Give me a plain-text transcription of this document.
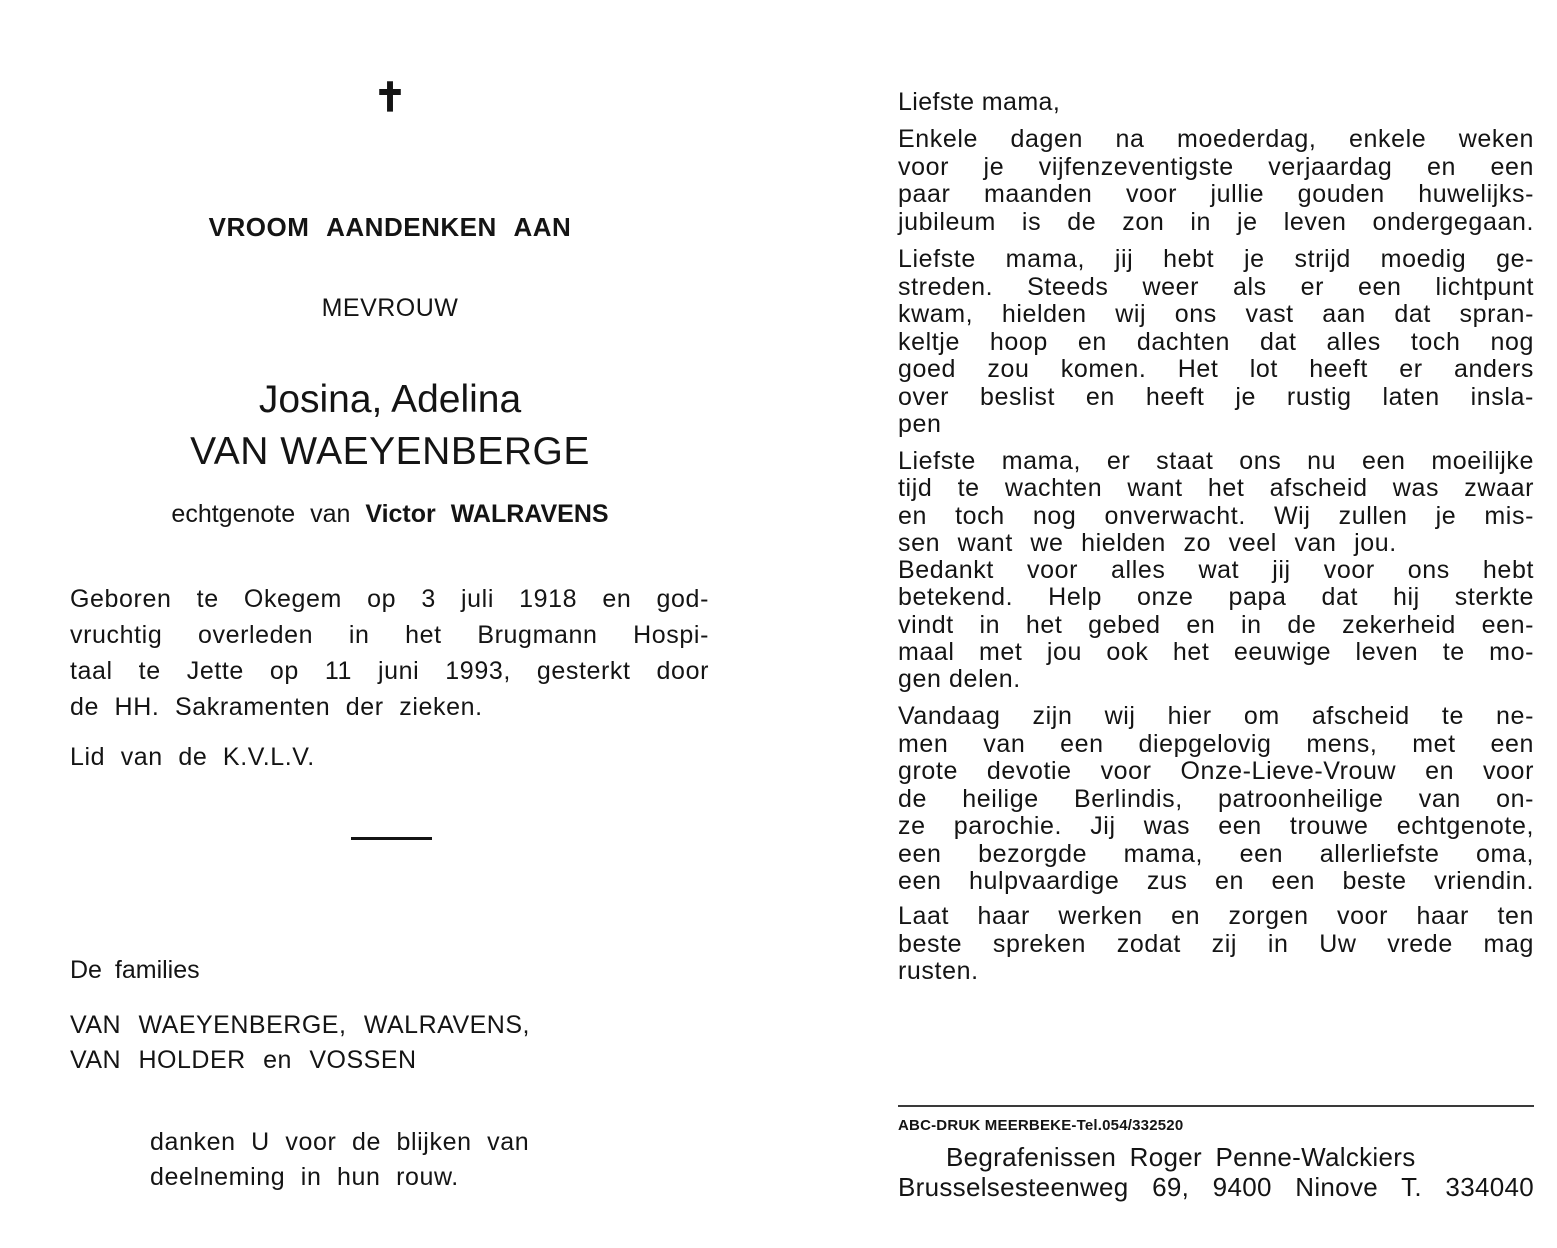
✝
VROOM AANDENKEN AAN
MEVROUW
Josina, Adelina
VAN WAEYENBERGE
echtgenote van Victor WALRAVENS
Geboren te Okegem op 3 juli 1918 en god-
vruchtig overleden in het Brugmann Hospi-
taal te Jette op 11 juni 1993, gesterkt door
de HH. Sakramenten der zieken.
Lid van de K.V.L.V.
De families
VAN WAEYENBERGE, WALRAVENS,
VAN HOLDER en VOSSEN
danken U voor de blijken van
deelneming in hun rouw.
Liefste mama,
Enkele dagen na moederdag, enkele weken
voor je vijfenzeventigste verjaardag en een
paar maanden voor jullie gouden huwelijks-
jubileum is de zon in je leven ondergegaan.
Liefste mama, jij hebt je strijd moedig ge-
streden. Steeds weer als er een lichtpunt
kwam, hielden wij ons vast aan dat spran-
keltje hoop en dachten dat alles toch nog
goed zou komen. Het lot heeft er anders
over beslist en heeft je rustig laten insla-
pen
Liefste mama, er staat ons nu een moeilijke
tijd te wachten want het afscheid was zwaar
en toch nog onverwacht. Wij zullen je mis-
sen want we hielden zo veel van jou.
Bedankt voor alles wat jij voor ons hebt
betekend. Help onze papa dat hij sterkte
vindt in het gebed en in de zekerheid een-
maal met jou ook het eeuwige leven te mo-
gen delen.
Vandaag zijn wij hier om afscheid te ne-
men van een diepgelovig mens, met een
grote devotie voor Onze-Lieve-Vrouw en voor
de heilige Berlindis, patroonheilige van on-
ze parochie. Jij was een trouwe echtgenote,
een bezorgde mama, een allerliefste oma,
een hulpvaardige zus en een beste vriendin.
Laat haar werken en zorgen voor haar ten
beste spreken zodat zij in Uw vrede mag
rusten.
ABC-DRUK MEERBEKE-Tel.054/332520
Begrafenissen Roger Penne-Walckiers
Brusselsesteenweg 69, 9400 Ninove T. 334040
